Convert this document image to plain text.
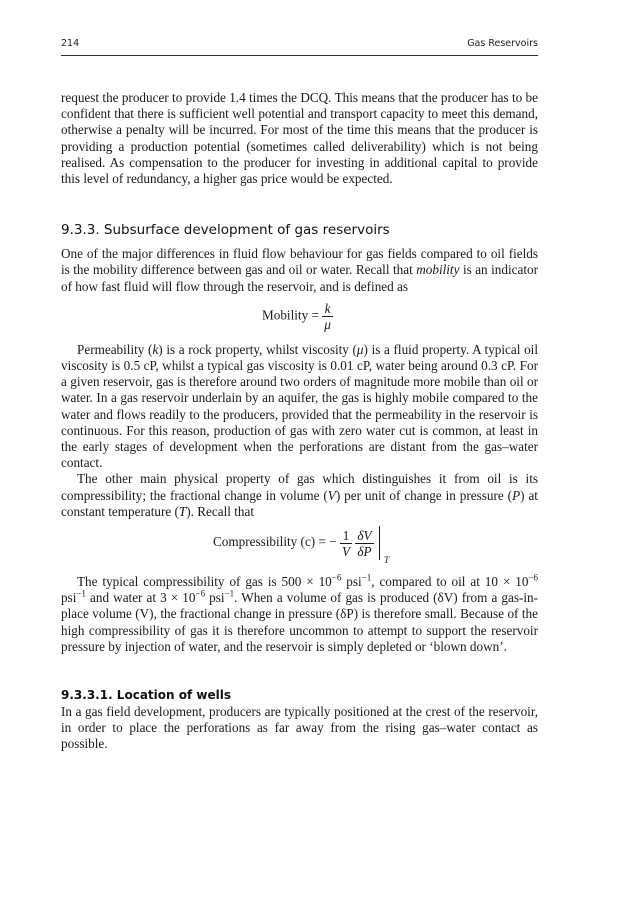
214	Gas Reservoirs

request the producer to provide 1.4 times the DCQ. This means that the producer has to be confident that there is sufficient well potential and transport capacity to meet this demand, otherwise a penalty will be incurred. For most of the time this means that the producer is providing a production potential (sometimes called deliverability) which is not being realised. As compensation to the producer for investing in additional capital to provide this level of redundancy, a higher gas price would be expected.

9.3.3. Subsurface development of gas reservoirs

One of the major differences in fluid flow behaviour for gas fields compared to oil fields is the mobility difference between gas and oil or water. Recall that mobility is an indicator of how fast fluid will flow through the reservoir, and is defined as

Mobility = $\frac{k}{\mu}$

Permeability (k) is a rock property, whilst viscosity (μ) is a fluid property. A typical oil viscosity is 0.5 cP, whilst a typical gas viscosity is 0.01 cP, water being around 0.3 cP. For a given reservoir, gas is therefore around two orders of magnitude more mobile than oil or water. In a gas reservoir underlain by an aquifer, the gas is highly mobile compared to the water and flows readily to the producers, provided that the permeability in the reservoir is continuous. For this reason, production of gas with zero water cut is common, at least in the early stages of development when the perforations are distant from the gas–water contact.

The other main physical property of gas which distinguishes it from oil is its compressibility; the fractional change in volume (V) per unit of change in pressure (P) at constant temperature (T). Recall that

Compressibility (c) = − $\frac{1}{V}$
$\frac{\delta V}{\delta P}$

T

The typical compressibility of gas is $500 \times 10^{-6}$ psi$^{-1}$, compared to oil at $10 \times 10^{-6}$ psi$^{-1}$ and water at $3 \times 10^{-6}$ psi$^{-1}$. When a volume of gas is produced (δV) from a gas-in-place volume (V), the fractional change in pressure (δP) is therefore small. Because of the high compressibility of gas it is therefore uncommon to attempt to support the reservoir pressure by injection of water, and the reservoir is simply depleted or ‘blown down’.

9.3.3.1. Location of wells

In a gas field development, producers are typically positioned at the crest of the reservoir, in order to place the perforations as far away from the rising gas–water contact as possible.
